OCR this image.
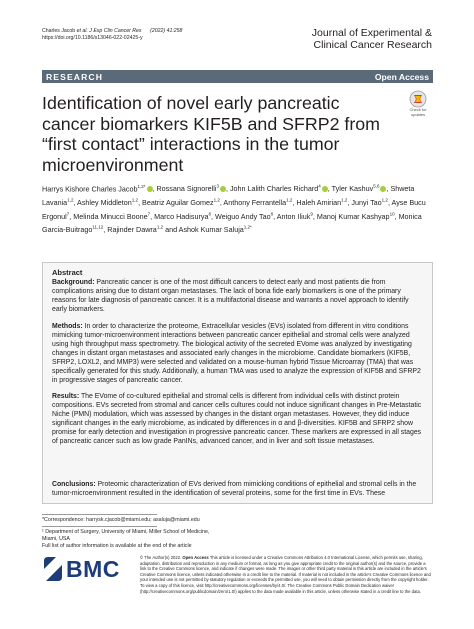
Charles Jacob et al. J Exp Clin Cancer Res (2022) 41:258
https://doi.org/10.1186/s13046-022-02425-y	Journal of Experimental &
Clinical Cancer Research
RESEARCH	Open Access
Check for updates
Identification of novel early pancreatic cancer biomarkers KIF5B and SFRP2 from “first contact” interactions in the tumor microenvironment
Harrys Kishore Charles Jacob$^{1,2*}$ , Rossana Signorelli$^3$ , John Lalith Charles Richard$^4$ , Tyler Kashuv$^{5,6}$ , Shweta Lavania$^{1,2}$, Ashley Middleton$^{1,2}$, Beatriz Aguilar Gomez$^{1,2}$, Anthony Ferrantella$^{1,2}$, Haleh Amirian$^{1,2}$, Junyi Tao$^{1,2}$, Ayse Bucu Ergonul$^7$, Melinda Minucci Boone$^7$, Marco Hadisurya$^8$, Weiguo Andy Tao$^8$, Anton Iliuk$^9$, Manoj Kumar Kashyap$^{10}$, Monica Garcia-Buitrago$^{11,12}$, Rajinder Dawra$^{1,2}$ and Ashok Kumar Saluja$^{1,2*}$
Abstract

Background: Pancreatic cancer is one of the most difficult cancers to detect early and most patients die from complications arising due to distant organ metastases. The lack of bona fide early biomarkers is one of the primary reasons for late diagnosis of pancreatic cancer. It is a multifactorial disease and warrants a novel approach to identify early biomarkers.

Methods: In order to characterize the proteome, Extracellular vesicles (EVs) isolated from different in vitro conditions mimicking tumor-microenvironment interactions between pancreatic cancer epithelial and stromal cells were analyzed using high throughput mass spectrometry. The biological activity of the secreted EVome was analyzed by investigating changes in distant organ metastases and associated early changes in the microbiome. Candidate biomarkers (KIF5B, SFRP2, LOXL2, and MMP3) were selected and validated on a mouse-human hybrid Tissue Microarray (TMA) that was specifically generated for this study. Additionally, a human TMA was used to analyze the expression of KIF5B and SFRP2 in progressive stages of pancreatic cancer.

Results: The EVome of co-cultured epithelial and stromal cells is different from individual cells with distinct protein compositions. EVs secreted from stromal and cancer cells cultures could not induce significant changes in Pre-Metastatic Niche (PMN) modulation, which was assessed by changes in the distant organ metastases. However, they did induce significant changes in the early microbiome, as indicated by differences in α and β-diversities. KIF5B and SFRP2 show promise for early detection and investigation in progressive pancreatic cancer. These markers are expressed in all stages of pancreatic cancer such as low grade PanINs, advanced cancer, and in liver and soft tissue metastases.

Conclusions: Proteomic characterization of EVs derived from mimicking conditions of epithelial and stromal cells in the tumor-microenvironment resulted in the identification of several proteins, some for the first time in EVs. These

*Correspondence: harrysk.cjacob@miami.edu; asaluja@miami.edu
¹ Department of Surgery, University of Miami, Miller School of Medicine,
Miami, USA
Full list of author information is available at the end of the article
BMC	© The Author(s) 2022. Open Access This article is licensed under a Creative Commons Attribution 4.0 International License, which permits use, sharing, adaptation, distribution and reproduction in any medium or format, as long as you give appropriate credit to the original author(s) and the source, provide a link to the Creative Commons licence, and indicate if changes were made. The images or other third party material in this article are included in the article's Creative Commons licence, unless indicated otherwise in a credit line to the material. If material is not included in the article's Creative Commons licence and your intended use is not permitted by statutory regulation or exceeds the permitted use, you will need to obtain permission directly from the copyright holder. To view a copy of this licence, visit http://creativecommons.org/licenses/by/4.0/. The Creative Commons Public Domain Dedication waiver (http://creativecommons.org/publicdomain/zero/1.0/) applies to the data made available in this article, unless otherwise stated in a credit line to the data.
